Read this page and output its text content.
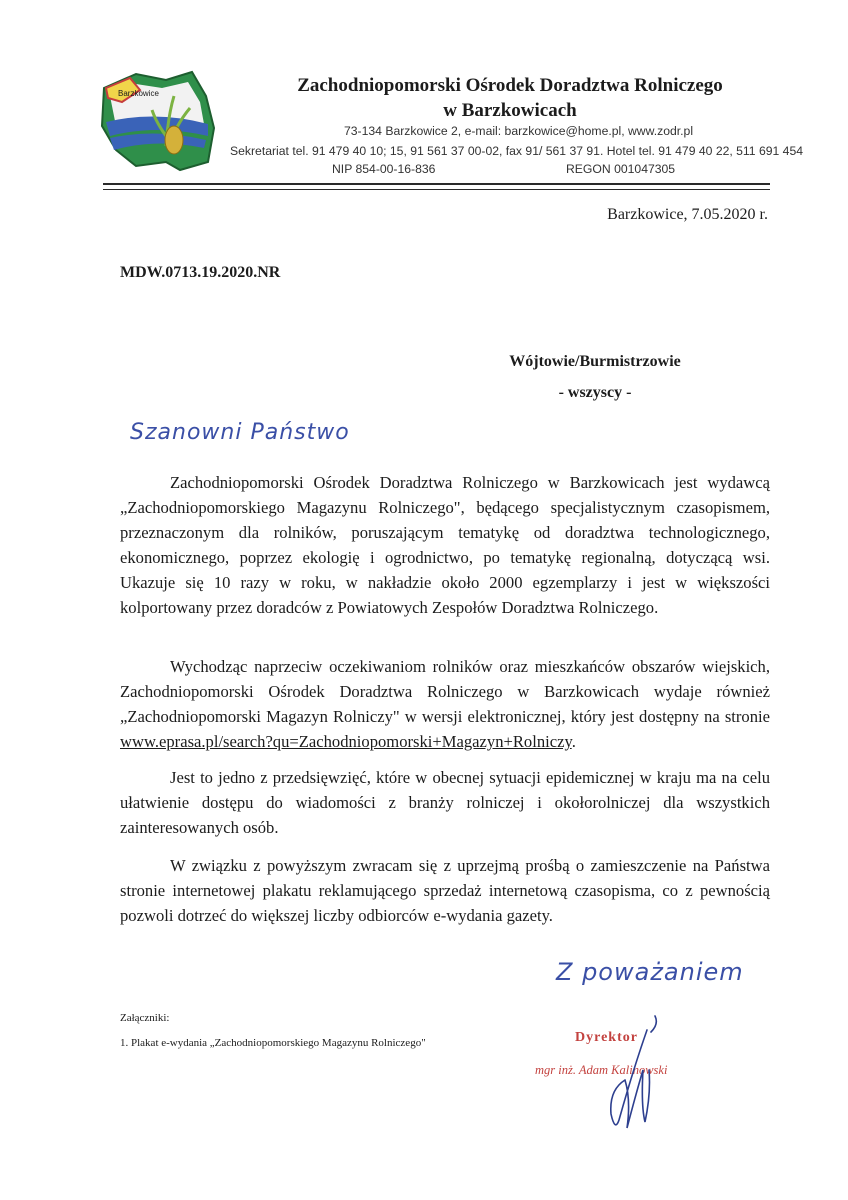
Barzkowice	Zachodniopomorski Ośrodek Doradztwa Rolniczego
w Barzkowicach
73-134 Barzkowice 2, e-mail: barzkowice@home.pl, www.zodr.pl
Sekretariat tel. 91 479 40 10; 15, 91 561 37 00-02, fax 91/ 561 37 91. Hotel tel. 91 479 40 22, 511 691 454
NIP 854-00-16-836	REGON 001047305
Barzkowice, 7.05.2020 r.
MDW.0713.19.2020.NR
Wójtowie/Burmistrzowie
- wszyscy -
Szanowni Państwo
Zachodniopomorski Ośrodek Doradztwa Rolniczego w Barzkowicach jest wydawcą „Zachodniopomorskiego Magazynu Rolniczego", będącego specjalistycznym czasopismem, przeznaczonym dla rolników, poruszającym tematykę od doradztwa technologicznego, ekonomicznego, poprzez ekologię i ogrodnictwo, po tematykę regionalną, dotyczącą wsi. Ukazuje się 10 razy w roku, w nakładzie około 2000 egzemplarzy i jest w większości kolportowany przez doradców z Powiatowych Zespołów Doradztwa Rolniczego.
Wychodząc naprzeciw oczekiwaniom rolników oraz mieszkańców obszarów wiejskich, Zachodniopomorski Ośrodek Doradztwa Rolniczego w Barzkowicach wydaje również „Zachodniopomorski Magazyn Rolniczy" w wersji elektronicznej, który jest dostępny na stronie www.eprasa.pl/search?qu=Zachodniopomorski+Magazyn+Rolniczy.
Jest to jedno z przedsięwzięć, które w obecnej sytuacji epidemicznej w kraju ma na celu ułatwienie dostępu do wiadomości z branży rolniczej i okołorolniczej dla wszystkich zainteresowanych osób.
W związku z powyższym zwracam się z uprzejmą prośbą o zamieszczenie na Państwa stronie internetowej plakatu reklamującego sprzedaż internetową czasopisma, co z pewnością pozwoli dotrzeć do większej liczby odbiorców e-wydania gazety.
Z poważaniem
Załączniki:
1. Plakat e-wydania „Zachodniopomorskiego Magazynu Rolniczego"	Dyrektor
mgr inż. Adam Kalinowski
